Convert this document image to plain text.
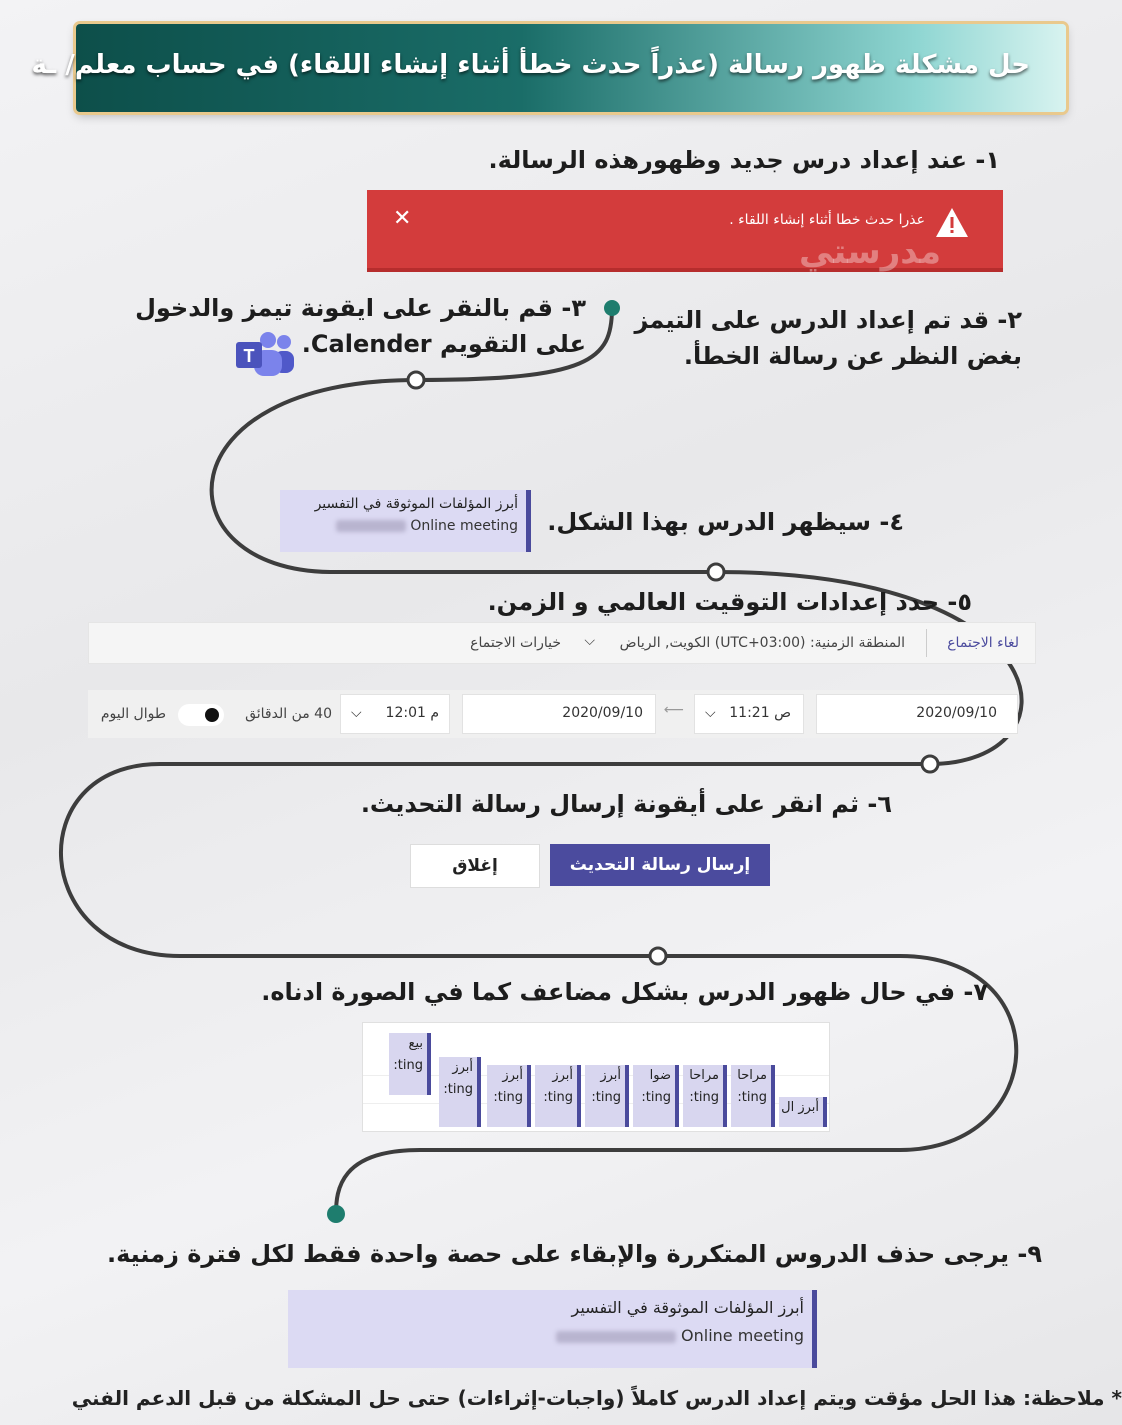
حل مشكلة ظهور رسالة (عذراً حدث خطأ أثناء إنشاء اللقاء) في حساب معلم/ ـة
١- عند إعداد درس جديد وظهورهذه الرسالة.
عذرا حدث خطا أثناء إنشاء اللقاء .
✕
مدرستي
٢- قد تم إعداد الدرس على التيمز
بغض النظر عن رسالة الخطأ.
٣- قم بالنقر على ايقونة تيمز والدخول
على التقويم Calender.
T
٤- سيظهر الدرس بهذا الشكل.
أبرز المؤلفات الموثوقة في التفسير
Online meeting
٥- حدد إعدادات التوقيت العالمي و الزمن.
لغاء الاجتماع
المنطقة الزمنية: (UTC+03:00) الكويت, الرياض
⌵
خيارات الاجتماع
2020/09/10
11:21 ص
⌵
⟵
2020/09/10
12:01 م
⌵
40 من الدقائق
طوال اليوم
٦- ثم انقر على أيقونة إرسال رسالة التحديث.
إرسال رسالة التحديث
إغلاق
٧- في حال ظهور الدرس بشكل مضاعف كما في الصورة ادناه.
بيع
ting:	أبرز
ting:
أبرز
ting:
أبرز
ting:
أبرز
ting:
ضوا
ting:
مراحا
ting:
مراحا
ting:
أبرز ال
٩- يرجى حذف الدروس المتكررة والإبقاء على حصة واحدة فقط لكل فترة زمنية.
أبرز المؤلفات الموثوقة في التفسير
Online meeting
* ملاحظة: هذا الحل مؤقت ويتم إعداد الدرس كاملاً (واجبات-إثراءات) حتى حل المشكلة من قبل الدعم الفني
